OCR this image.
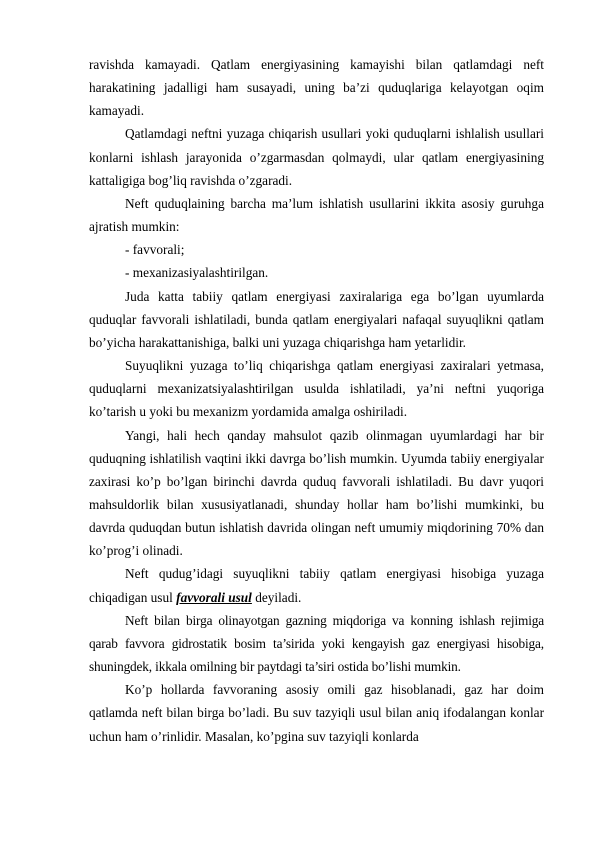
ravishda kamayadi. Qatlam energiyasining kamayishi bilan qatlamdagi neft harakatining jadalligi ham susayadi, uning ba’zi quduqlariga kelayotgan oqim kamayadi.

Qatlamdagi neftni yuzaga chiqarish usullari yoki quduqlarni ishlalish usullari konlarni ishlash jarayonida o’zgarmasdan qolmaydi, ular qatlam energiyasining kattaligiga bog’liq ravishda o’zgaradi.

Neft quduqlaining barcha ma’lum ishlatish usullarini ikkita asosiy guruhga ajratish mumkin:

- favvorali;

- mexanizasiyalashtirilgan.

Juda katta tabiiy qatlam energiyasi zaxiralariga ega bo’lgan uyumlarda quduqlar favvorali ishlatiladi, bunda qatlam energiyalari nafaqal suyuqlikni qatlam bo’yicha harakattanishiga, balki uni yuzaga chiqarishga ham yetarlidir.

Suyuqlikni yuzaga to’liq chiqarishga qatlam energiyasi zaxiralari yetmasa, quduqlarni mexanizatsiyalashtirilgan usulda ishlatiladi, ya’ni neftni yuqoriga ko’tarish u yoki bu mexanizm yordamida amalga oshiriladi.

Yangi, hali hech qanday mahsulot qazib olinmagan uyumlardagi har bir quduqning ishlatilish vaqtini ikki davrga bo’lish mumkin. Uyumda tabiiy energiyalar zaxirasi ko’p bo’lgan birinchi davrda quduq favvorali ishlatiladi. Bu davr yuqori mahsuldorlik bilan xususiyatlanadi, shunday hollar ham bo’lishi mumkinki, bu davrda quduqdan butun ishlatish davrida olingan neft umumiy miqdorining 70% dan ko’prog’i olinadi.

Neft qudug’idagi suyuqlikni tabiiy qatlam energiyasi hisobiga yuzaga chiqadigan usul favvorali usul deyiladi.

Neft bilan birga olinayotgan gazning miqdoriga va konning ishlash rejimiga qarab favvora gidrostatik bosim ta’sirida yoki kengayish gaz energiyasi hisobiga, shuningdek, ikkala omilning bir paytdagi ta’siri ostida bo’lishi mumkin.

Ko’p hollarda favvoraning asosiy omili gaz hisoblanadi, gaz har doim qatlamda neft bilan birga bo’ladi. Bu suv tazyiqli usul bilan aniq ifodalangan konlar uchun ham o’rinlidir. Masalan, ko’pgina suv tazyiqli konlarda
